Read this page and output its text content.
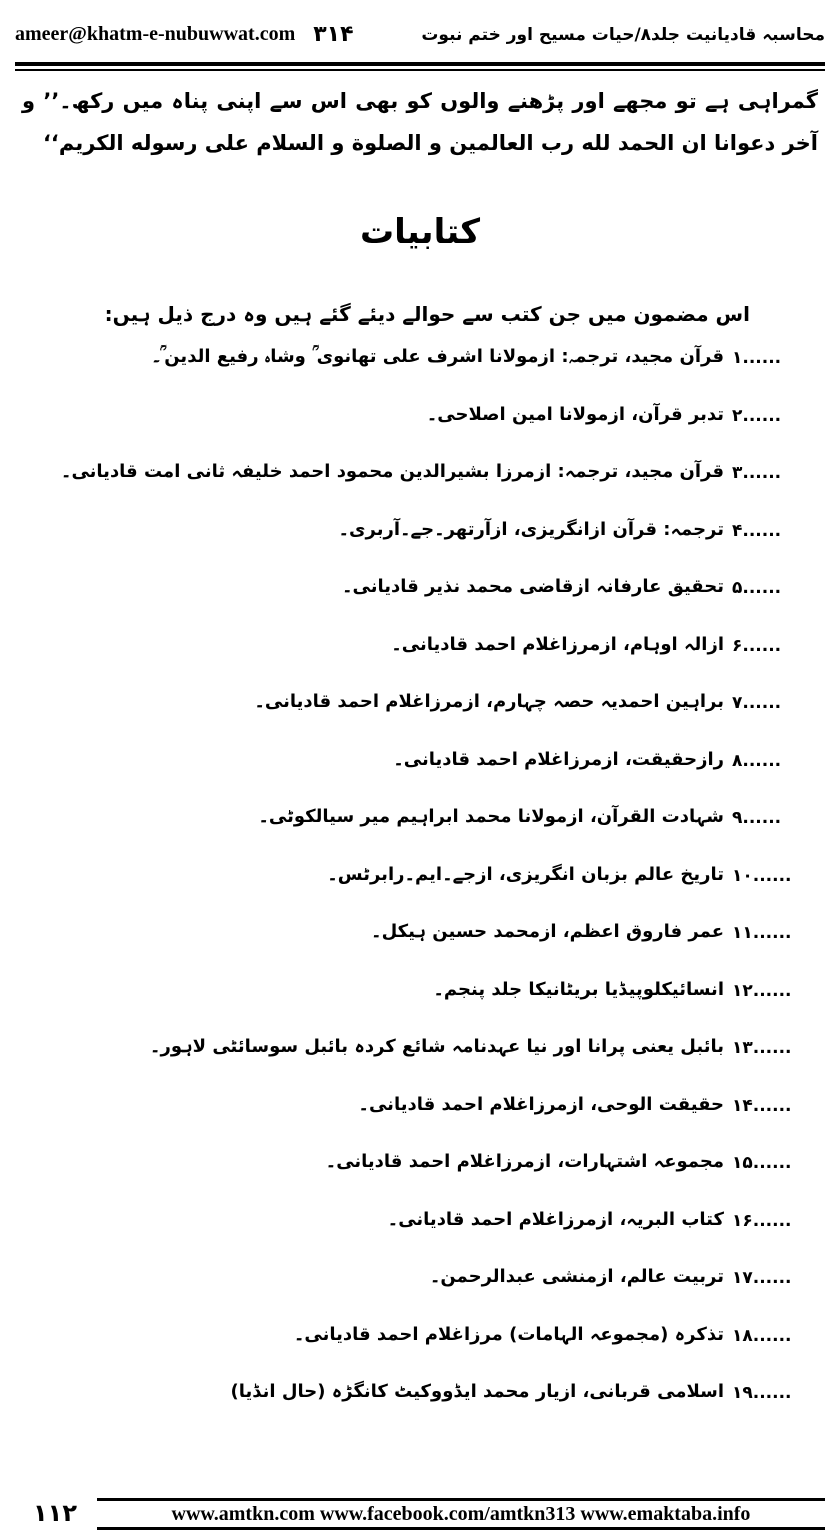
ameer@khatm-e-nubuwwat.com ۳۱۴	محاسبہ قادیانیت جلد۸/حیات مسیح اور ختم نبوت
گمراہی ہے تو مجھے اور پڑھنے والوں کو بھی اس سے اپنی پناہ میں رکھ۔’’ و آخر دعوانا ان الحمد لله رب العالمین و الصلوة و السلام علی رسوله الکریم‘‘
کتابیات
اس مضمون میں جن کتب سے حوالے دیئے گئے ہیں وہ درج ذیل ہیں:
۱......
قرآن مجید، ترجمہ: ازمولانا اشرف علی تھانوی ؒ وشاہ رفیع الدین ؒ۔
۲......
تدبر قرآن، ازمولانا امین اصلاحی۔
۳......
قرآن مجید، ترجمہ: ازمرزا بشیرالدین محمود احمد خلیفہ ثانی امت قادیانی۔
۴......
ترجمہ: قرآن ازانگریزی، ازآرتھر۔جے۔آربری۔
۵......
تحقیق عارفانہ ازقاضی محمد نذیر قادیانی۔
۶......
ازالہ اوہام، ازمرزاغلام احمد قادیانی۔
۷......
براہین احمدیہ حصہ چہارم، ازمرزاغلام احمد قادیانی۔
۸......
رازحقیقت، ازمرزاغلام احمد قادیانی۔
۹......
شہادت القرآن، ازمولانا محمد ابراہیم میر سیالکوٹی۔
۱۰......
تاریخ عالم بزبان انگریزی، ازجے۔ایم۔رابرٹس۔
۱۱......
عمر فاروق اعظم، ازمحمد حسین ہیکل۔
۱۲......
انسائیکلوپیڈیا بریٹانیکا جلد پنجم۔
۱۳......
بائبل یعنی پرانا اور نیا عہدنامہ شائع کردہ بائبل سوسائٹی لاہور۔
۱۴......
حقیقت الوحی، ازمرزاغلام احمد قادیانی۔
۱۵......
مجموعہ اشتہارات، ازمرزاغلام احمد قادیانی۔
۱۶......
کتاب البریہ، ازمرزاغلام احمد قادیانی۔
۱۷......
تربیت عالم، ازمنشی عبدالرحمن۔
۱۸......
تذکرہ (مجموعہ الہامات) مرزاغلام احمد قادیانی۔
۱۹......
اسلامی قربانی، ازیار محمد ایڈووکیٹ کانگڑہ (حال انڈیا)
۱۱۲	www.amtkn.com www.facebook.com/amtkn313 www.emaktaba.info
